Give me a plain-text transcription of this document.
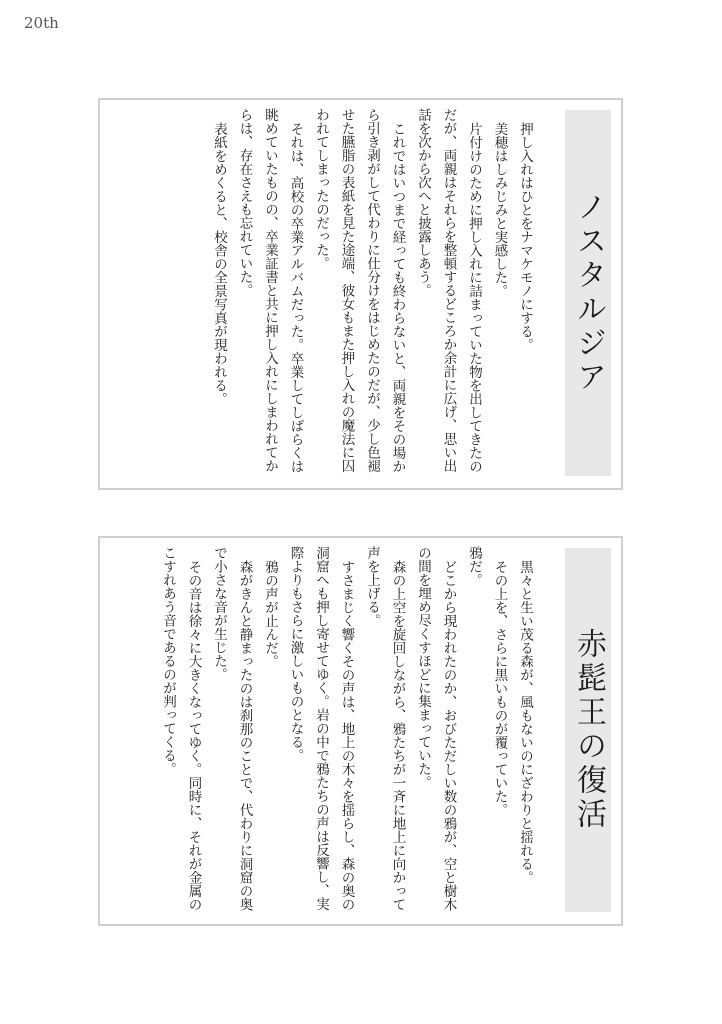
20th
ノスタルジア

押し入れはひとをナマケモノにする。

美穂はしみじみと実感した。

片付けのために押し入れに詰まっていた物を出してきたのだが、両親はそれらを整頓するどころか余計に広げ、思い出話を次から次へと披露しあう。

これではいつまで経っても終わらないと、両親をその場から引き剥がして代わりに仕分けをはじめたのだが、少し色褪せた臙脂の表紙を見た途端、彼女もまた押し入れの魔法に囚われてしまったのだった。

それは、高校の卒業アルバムだった。卒業してしばらくは眺めていたものの、卒業証書と共に押し入れにしまわれてからは、存在さえも忘れていた。

表紙をめくると、校舎の全景写真が現われる。

赤髭王の復活

黒々と生い茂る森が、風もないのにざわりと揺れる。

その上を、さらに黒いものが覆っていた。

鴉だ。

どこから現われたのか、おびただしい数の鴉が、空と樹木の間を埋め尽くすほどに集まっていた。

森の上空を旋回しながら、鴉たちが一斉に地上に向かって声を上げる。

すさまじく響くその声は、地上の木々を揺らし、森の奥の洞窟へも押し寄せてゆく。岩の中で鴉たちの声は反響し、実際よりもさらに激しいものとなる。

鴉の声が止んだ。

森がきんと静まったのは刹那のことで、代わりに洞窟の奥で小さな音が生じた。

その音は徐々に大きくなってゆく。同時に、それが金属のこすれあう音であるのが判ってくる。
